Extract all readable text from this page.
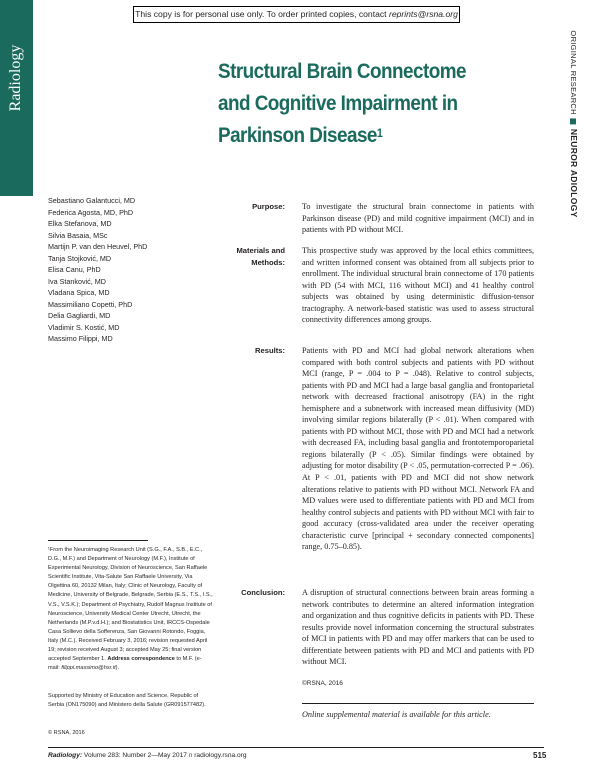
This copy is for personal use only. To order printed copies, contact reprints@rsna.org
Radiology	ORIGINAL RESEARCHNEUROR ADIOLOGY
Structural Brain Connectome
and Cognitive Impairment in
Parkinson Disease$^1$
Sebastiano Galantucci, MD
Federica Agosta, MD, PhD
Elka Stefanova, MD
Silvia Basaia, MSc
Martijn P. van den Heuvel, PhD
Tanja Stojković, MD
Elisa Canu, PhD
Iva Stanković, MD
Vladana Spica, MD
Massimiliano Copetti, PhD
Delia Gagliardi, MD
Vladimir S. Kostić, MD
Massimo Filippi, MD
Purpose: To investigate the structural brain connectome in patients with Parkinson disease (PD) and mild cognitive impairment (MCI) and in patients with PD without MCI.

Materials and
Methods:

This prospective study was approved by the local ethics committees, and written informed consent was obtained from all subjects prior to enrollment. The individual structural brain connectome of 170 patients with PD (54 with MCI, 116 without MCI) and 41 healthy control subjects was obtained by using deterministic diffusion-tensor tractography. A network-based statistic was used to assess structural connectivity differences among groups.

Results: Patients with PD and MCI had global network alterations when compared with both control subjects and patients with PD without MCI (range, P = .004 to P = .048). Relative to control subjects, patients with PD and MCI had a large basal ganglia and frontoparietal network with decreased fractional anisotropy (FA) in the right hemisphere and a subnetwork with increased mean diffusivity (MD) involving similar regions bilaterally (P < .01). When compared with patients with PD without MCI, those with PD and MCI had a network with decreased FA, including basal ganglia and frontotemporoparietal regions bilaterally (P < .05). Similar findings were obtained by adjusting for motor disability (P < .05, permutation-corrected P = .06). At P < .01, patients with PD and MCI did not show network alterations relative to patients with PD without MCI. Network FA and MD values were used to differentiate patients with PD and MCI from healthy control subjects and patients with PD without MCI with fair to good accuracy (cross-validated area under the receiver operating characteristic curve [principal + secondary connected components] range, 0.75–0.85).

Conclusion: A disruption of structural connections between brain areas forming a network contributes to determine an altered information integration and organization and thus cognitive deficits in patients with PD. These results provide novel information concerning the structural substrates of MCI in patients with PD and may offer markers that can be used to differentiate between patients with PD and MCI and patients with PD without MCI.

©RSNA, 2016

Online supplemental material is available for this article.
¹From the Neuroimaging Research Unit (S.G., F.A., S.B., E.C., D.G., M.F.) and Department of Neurology (M.F.), Institute of Experimental Neurology, Division of Neuroscience, San Raffaele Scientific Institute, Vita-Salute San Raffaele University, Via Olgettina 60, 20132 Milan, Italy; Clinic of Neurology, Faculty of Medicine, University of Belgrade, Belgrade, Serbia (E.S., T.S., I.S., V.S., V.S.K.); Department of Psychiatry, Rudolf Magnus Institute of Neuroscience, University Medical Center Utrecht, Utrecht, the Netherlands (M.P.v.d.H.); and Biostatistics Unit, IRCCS-Ospedale Casa Sollievo della Sofferenza, San Giovanni Rotondo, Foggia, Italy (M.C.). Received February 3, 2016; revision requested April 19; revision received August 3; accepted May 25; final version accepted September 1. Address correspondence to M.F. (e-mail: filippi.massimo@hsr.it).
Supported by Ministry of Education and Science, Republic of Serbia (ON175090) and Ministero della Salute (GR091577482).
© RSNA, 2016
Radiology: Volume 283: Number 2—May 2017 n radiology.rsna.org	515
